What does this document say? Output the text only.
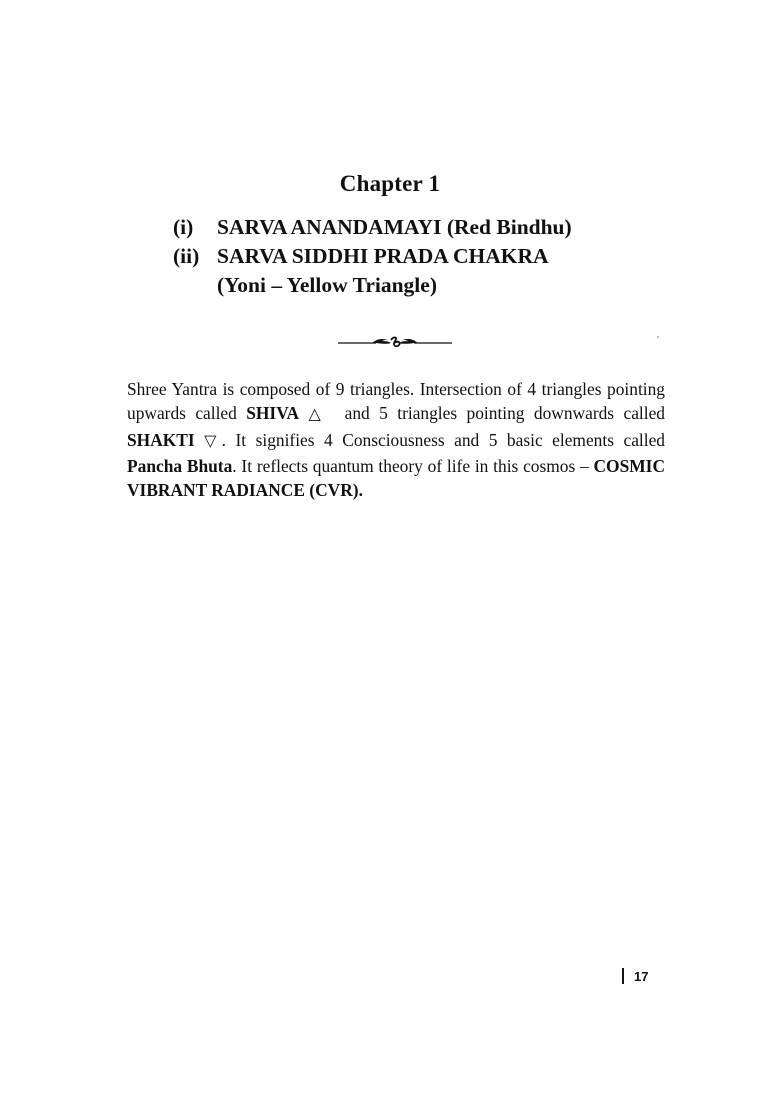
Chapter 1
(i) SARVA ANANDAMAYI (Red Bindhu)
(ii) SARVA SIDDHI PRADA CHAKRA
(Yoni – Yellow Triangle)

Shree Yantra is composed of 9 triangles. Intersection of 4 triangles pointing upwards called SHIVA △  and 5 triangles pointing downwards called SHAKTI ▽. It signifies 4 Consciousness and 5 basic elements called Pancha Bhuta. It reflects quantum theory of life in this cosmos – COSMIC VIBRANT RADIANCE (CVR).

17
